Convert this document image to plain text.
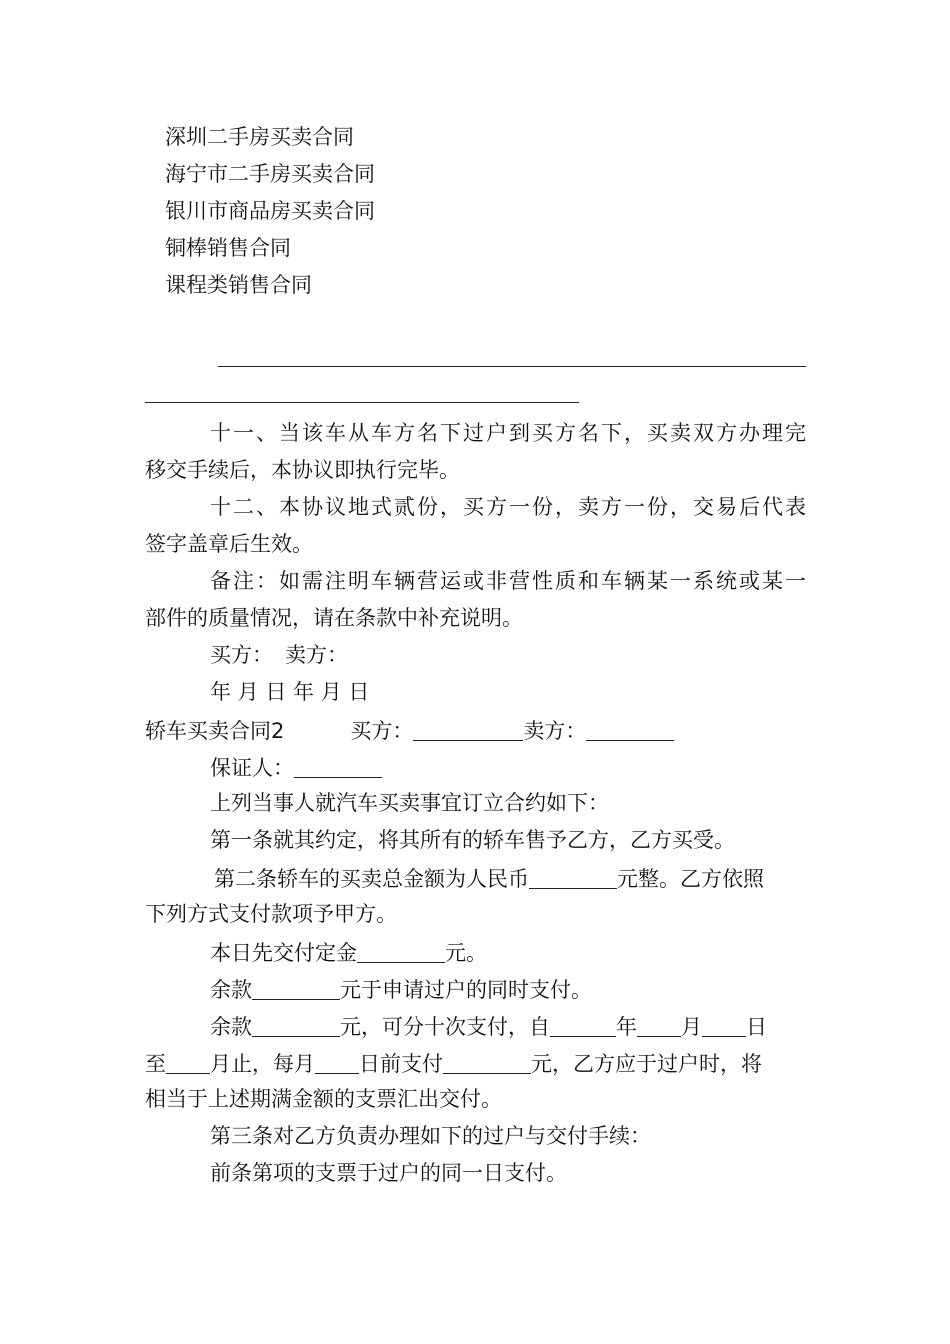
深圳二手房买卖合同
海宁市二手房买卖合同
银川市商品房买卖合同
铜棒销售合同
课程类销售合同
十一、当该车从车方名下过户到买方名下，买卖双方办理完
移交手续后，本协议即执行完毕。
十二、本协议地式贰份，买方一份，卖方一份，交易后代表
签字盖章后生效。
备注：如需注明车辆营运或非营性质和车辆某一系统或某一
部件的质量情况，请在条款中补充说明。
买方： 卖方：
年 月 日 年 月 日
轿车买卖合同2	买方：	卖方：
保证人：
上列当事人就汽车买卖事宜订立合约如下：
第一条就其约定，将其所有的轿车售予乙方，乙方买受。
第二条轿车的买卖总金额为人民币	元整。乙方依照
下列方式支付款项予甲方。
本日先交付定金	元。
余款	元于申请过户的同时支付。
余款	元，可分十次支付，自	年 月 日
至 月止，每月 日前支付	元，乙方应于过户时，将
相当于上述期满金额的支票汇出交付。
第三条对乙方负责办理如下的过户与交付手续：
前条第项的支票于过户的同一日支付。
